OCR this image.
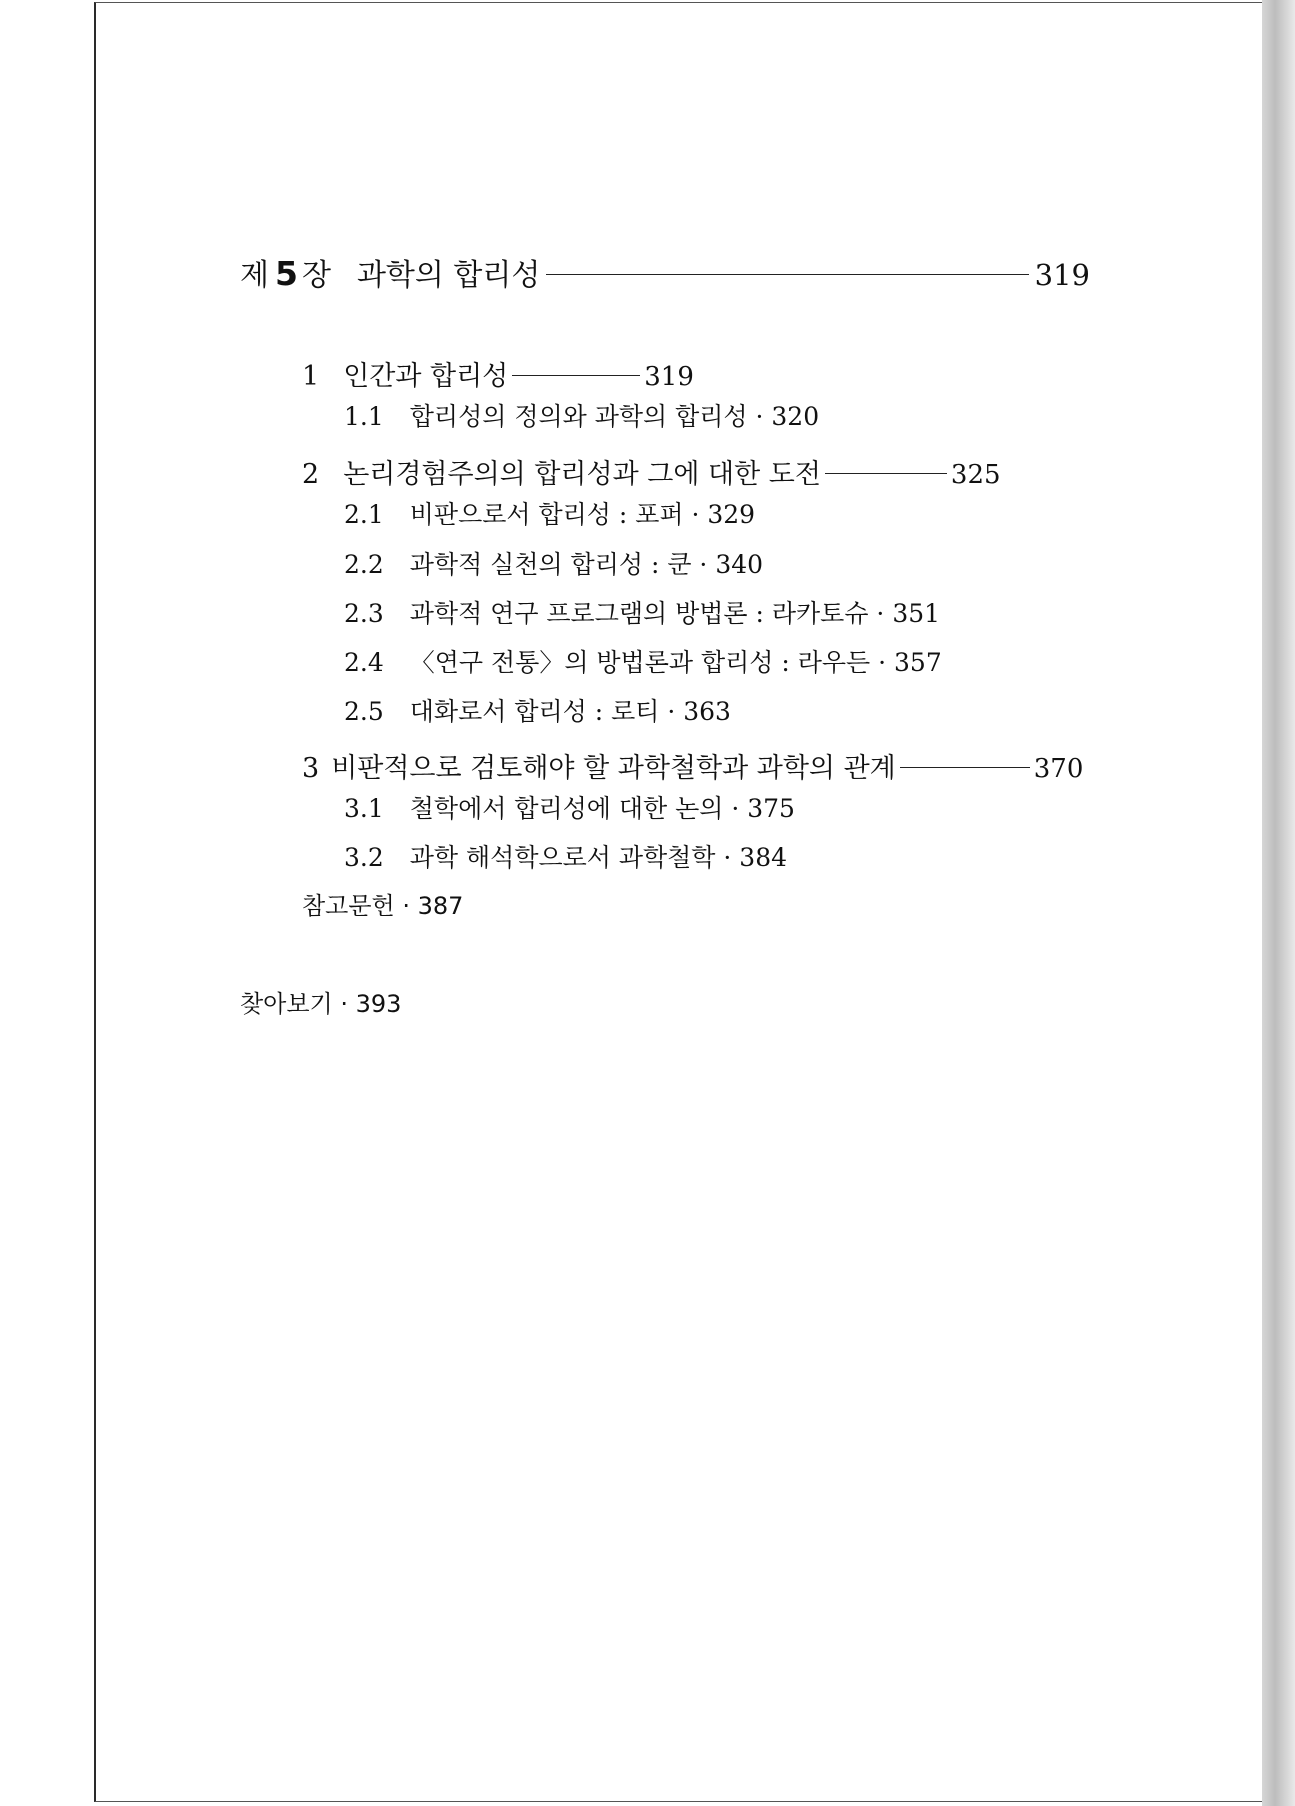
제 5 장 과학의 합리성	319
1 인간과 합리성	319
1.1 합리성의 정의와 과학의 합리성 · 320
2 논리경험주의의 합리성과 그에 대한 도전	325
2.1 비판으로서 합리성 : 포퍼 · 329
2.2 과학적 실천의 합리성 : 쿤 · 340
2.3 과학적 연구 프로그램의 방법론 : 라카토슈 · 351
2.4 〈연구 전통〉의 방법론과 합리성 : 라우든 · 357
2.5 대화로서 합리성 : 로티 · 363
3 비판적으로 검토해야 할 과학철학과 과학의 관계	370
3.1 철학에서 합리성에 대한 논의 · 375
3.2 과학 해석학으로서 과학철학 · 384
참고문헌 · 387
찾아보기 · 393
